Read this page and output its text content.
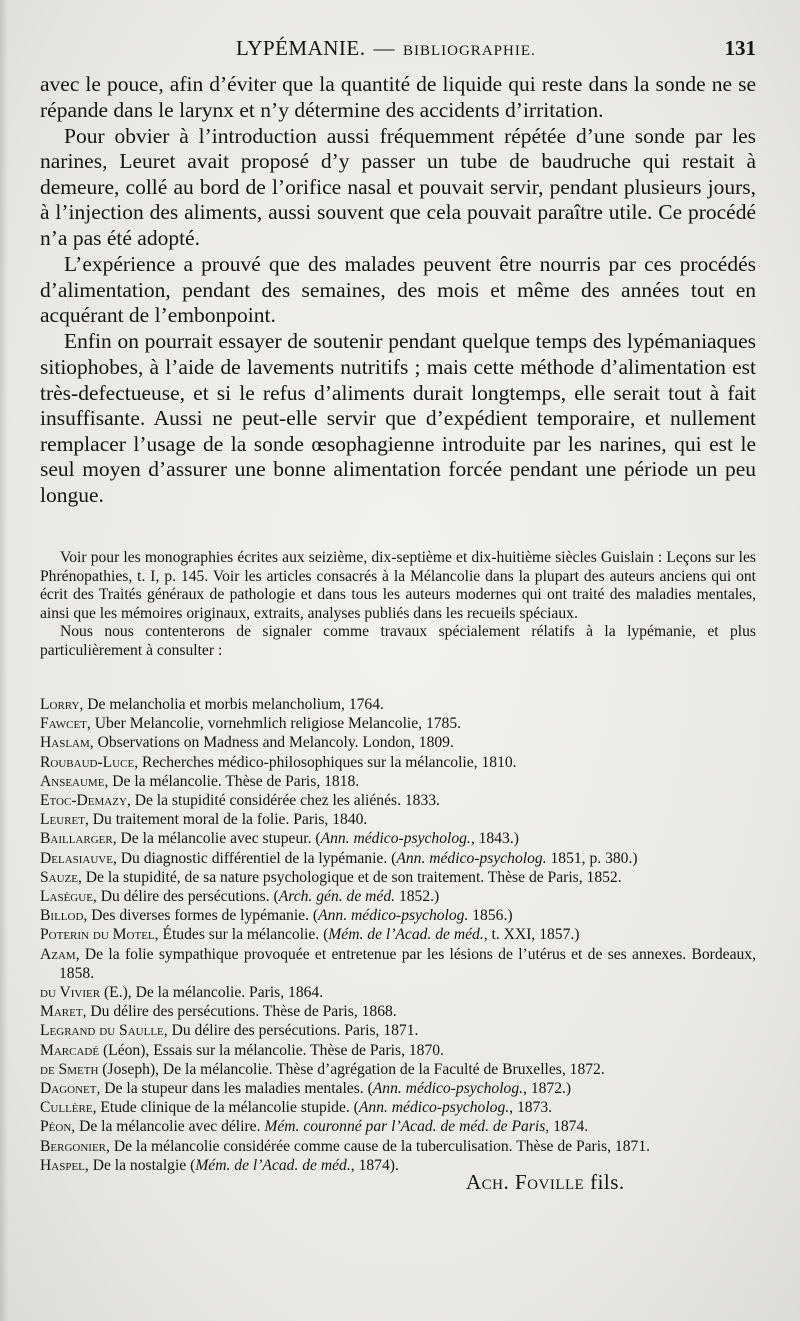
LYPÉMANIE. — BIBLIOGRAPHIE.	131

avec le pouce, afin d’éviter que la quantité de liquide qui reste dans la sonde ne se répande dans le larynx et n’y détermine des accidents d’irritation.

Pour obvier à l’introduction aussi fréquemment répétée d’une sonde par les narines, Leuret avait proposé d’y passer un tube de baudruche qui restait à demeure, collé au bord de l’orifice nasal et pouvait servir, pendant plusieurs jours, à l’injection des aliments, aussi souvent que cela pouvait paraître utile. Ce procédé n’a pas été adopté.

L’expérience a prouvé que des malades peuvent être nourris par ces procédés d’alimentation, pendant des semaines, des mois et même des années tout en acquérant de l’embonpoint.

Enfin on pourrait essayer de soutenir pendant quelque temps des lypémaniaques sitiophobes, à l’aide de lavements nutritifs ; mais cette méthode d’alimentation est très-defectueuse, et si le refus d’aliments durait longtemps, elle serait tout à fait insuffisante. Aussi ne peut-elle servir que d’expédient temporaire, et nullement remplacer l’usage de la sonde œsophagienne introduite par les narines, qui est le seul moyen d’assurer une bonne alimentation forcée pendant une période un peu longue.

Voir pour les monographies écrites aux seizième, dix-septième et dix-huitième siècles Guislain : Leçons sur les Phrénopathies, t. I, p. 145. Voir les articles consacrés à la Mélancolie dans la plupart des auteurs anciens qui ont écrit des Traités généraux de pathologie et dans tous les auteurs modernes qui ont traité des maladies mentales, ainsi que les mémoires originaux, extraits, analyses publiés dans les recueils spéciaux.

Nous nous contenterons de signaler comme travaux spécialement rélatifs à la lypémanie, et plus particulièrement à consulter :

Lorry, De melancholia et morbis melancholium, 1764.

Fawcet, Uber Melancolie, vornehmlich religiose Melancolie, 1785.

Haslam, Observations on Madness and Melancoly. London, 1809.

Roubaud-Luce, Recherches médico-philosophiques sur la mélancolie, 1810.

Anseaume, De la mélancolie. Thèse de Paris, 1818.

Etoc-Demazy, De la stupidité considérée chez les aliénés. 1833.

Leuret, Du traitement moral de la folie. Paris, 1840.

Baillarger, De la mélancolie avec stupeur. (Ann. médico-psycholog., 1843.)

Delasiauve, Du diagnostic différentiel de la lypémanie. (Ann. médico-psycholog. 1851, p. 380.)

Sauze, De la stupidité, de sa nature psychologique et de son traitement. Thèse de Paris, 1852.

Lasègue, Du délire des persécutions. (Arch. gén. de méd. 1852.)

Billod, Des diverses formes de lypémanie. (Ann. médico-psycholog. 1856.)

Poterin du Motel, Études sur la mélancolie. (Mém. de l’Acad. de méd., t. XXI, 1857.)

Azam, De la folie sympathique provoquée et entretenue par les lésions de l’utérus et de ses annexes. Bordeaux, 1858.

du Vivier (E.), De la mélancolie. Paris, 1864.

Maret, Du délire des persécutions. Thèse de Paris, 1868.

Legrand du Saulle, Du délire des persécutions. Paris, 1871.

Marcadé (Léon), Essais sur la mélancolie. Thèse de Paris, 1870.

de Smeth (Joseph), De la mélancolie. Thèse d’agrégation de la Faculté de Bruxelles, 1872.

Dagonet, De la stupeur dans les maladies mentales. (Ann. médico-psycholog., 1872.)

Cullère, Etude clinique de la mélancolie stupide. (Ann. médico-psycholog., 1873.

Péon, De la mélancolie avec délire. Mém. couronné par l’Acad. de méd. de Paris, 1874.

Bergonier, De la mélancolie considérée comme cause de la tuberculisation. Thèse de Paris, 1871.

Haspel, De la nostalgie (Mém. de l’Acad. de méd., 1874).

Ach. Foville fils.
